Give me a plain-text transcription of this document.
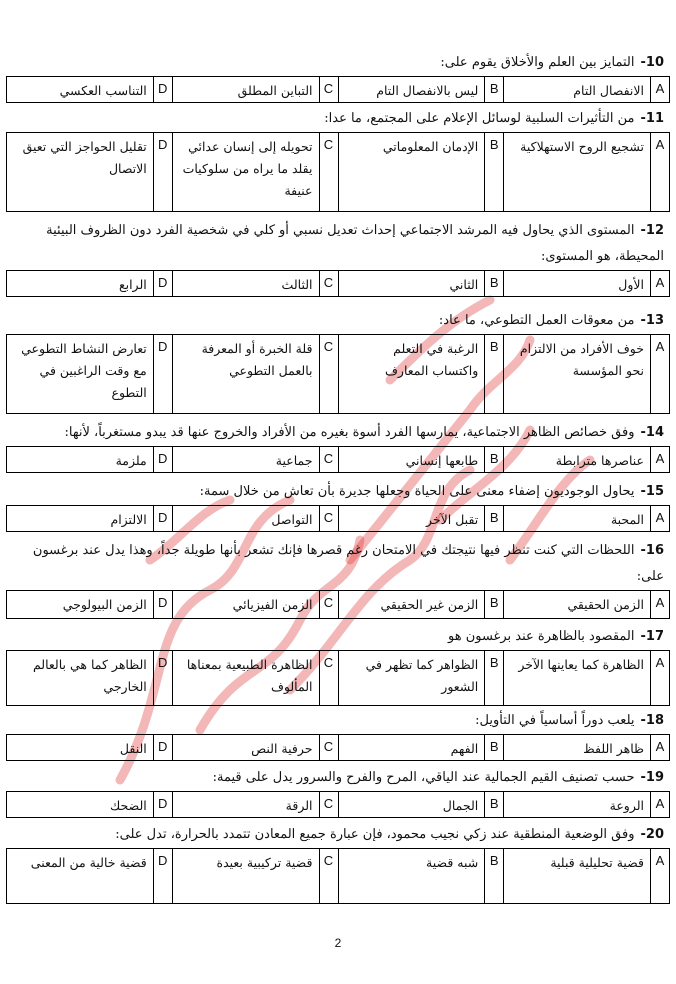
10-التمايز بين العلم والأخلاق يقوم على:
A
الانفصال التام
B
ليس بالانفصال التام
C
التباين المطلق
D
التناسب العكسي
11-من التأثيرات السلبية لوسائل الإعلام على المجتمع، ما عدا:
A
تشجيع الروح الاستهلاكية
B
الإدمان المعلوماتي
C
تحويله إلى إنسان عدائي يقلد ما يراه من سلوكيات عنيفة
D
تقليل الحواجز التي تعيق الاتصال
12-المستوى الذي يحاول فيه المرشد الاجتماعي إحداث تعديل نسبي أو كلي في شخصية الفرد دون الظروف البيئية المحيطة، هو المستوى:
A
الأول
B
الثاني
C
الثالث
D
الرابع
13-من معوقات العمل التطوعي، ما عاد:
A
خوف الأفراد من الالتزام نحو المؤسسة
B
الرغبة في التعلم واكتساب المعارف
C
قلة الخبرة أو المعرفة بالعمل التطوعي
D
تعارض النشاط التطوعي مع وقت الراغبين في التطوع
14-وفق خصائص الظاهر الاجتماعية، يمارسها الفرد أسوة بغيره من الأفراد والخروج عنها قد يبدو مستغرباً، لأنها:
A
عناصرها مترابطة
B
طابعها إنساني
C
جماعية
D
ملزمة
15-يحاول الوجوديون إضفاء معنى على الحياة وجعلها جديرة بأن تعاش من خلال سمة:
A
المحبة
B
تقبل الآخر
C
التواصل
D
الالتزام
16-اللحظات التي كنت تنظر فيها نتيجتك في الامتحان رغم قصرها فإنك تشعر بأنها طويلة جداً، وهذا يدل عند برغسون على:
A
الزمن الحقيقي
B
الزمن غير الحقيقي
C
الزمن الفيزيائي
D
الزمن البيولوجي
17-المقصود بالظاهرة عند برغسون هو
A
الظاهرة كما يعاينها الآخر
B
الظواهر كما تظهر في الشعور
C
الظاهرة الطبيعية بمعناها المألوف
D
الظاهر كما هي بالعالم الخارجي
18-يلعب دوراً أساسياً في التأويل:
A
ظاهر اللفظ
B
الفهم
C
حرفية النص
D
النقل
19-حسب تصنيف القيم الجمالية عند الياقي، المرح والفرح والسرور يدل على قيمة:
A
الروعة
B
الجمال
C
الرقة
D
الضحك
20-وفق الوضعية المنطقية عند زكي نجيب محمود، فإن عبارة جميع المعادن تتمدد بالحرارة، تدل على:
A
قضية تحليلية قبلية
B
شبه قضية
C
قضية تركيبية بعيدة
D
قضية خالية من المعنى
2
